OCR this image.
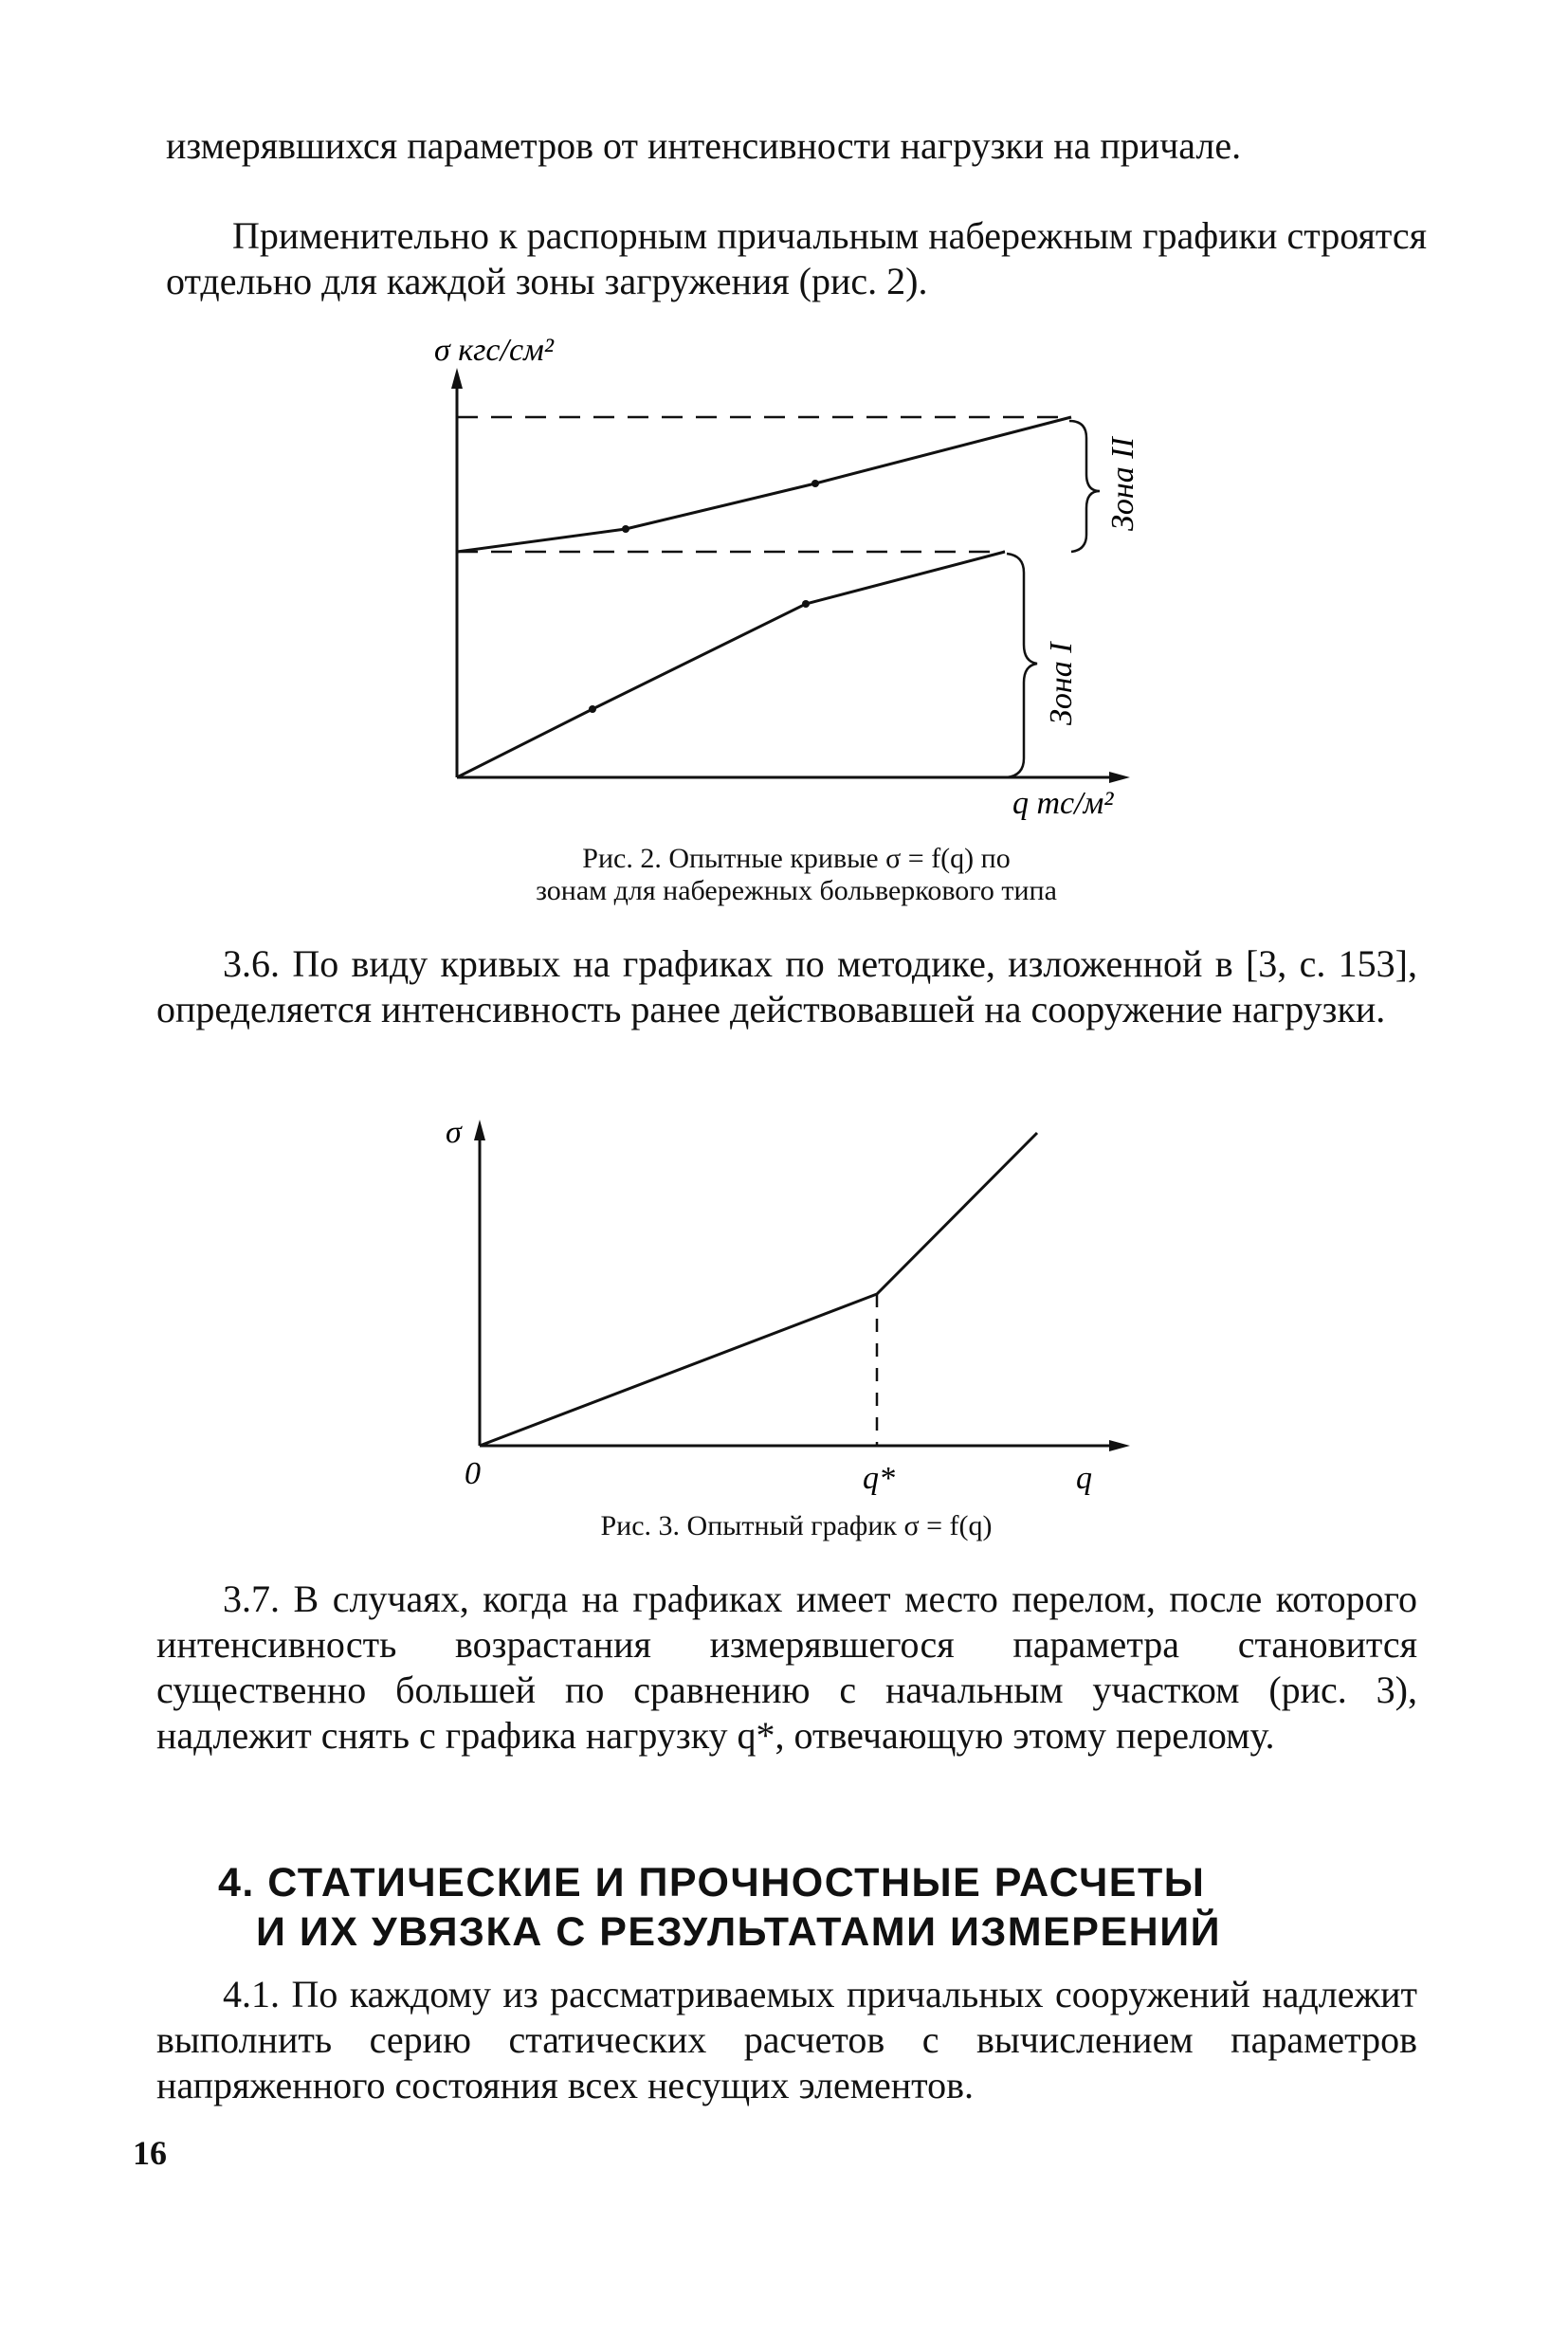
измерявшихся параметров от интенсивности нагрузки на причале.

Применительно к распорным причальным набережным графики строятся отдельно для каждой зоны загружения (рис. 2).

σ кгс/см²
q тс/м²
Зона II
Зона I

Рис. 2. Опытные кривые σ = f(q) по

зонам для набережных больверкового типа

3.6. По виду кривых на графиках по методике, изложенной в [3, с. 153], определяется интенсивность ранее действовавшей на сооружение нагрузки.

σ
0	q*	q

Рис. 3. Опытный график σ = f(q)

3.7. В случаях, когда на графиках имеет место перелом, после которого интенсивность возрастания измерявшегося параметра становится существенно большей по сравнению с начальным участком (рис. 3), надлежит снять с графика нагрузку q*, отвечающую этому перелому.

4. СТАТИЧЕСКИЕ И ПРОЧНОСТНЫЕ РАСЧЕТЫ

И ИХ УВЯЗКА С РЕЗУЛЬТАТАМИ ИЗМЕРЕНИЙ

4.1. По каждому из рассматриваемых причальных сооружений надлежит выполнить серию статических расчетов с вычислением параметров напряженного состояния всех несущих элементов.

16
